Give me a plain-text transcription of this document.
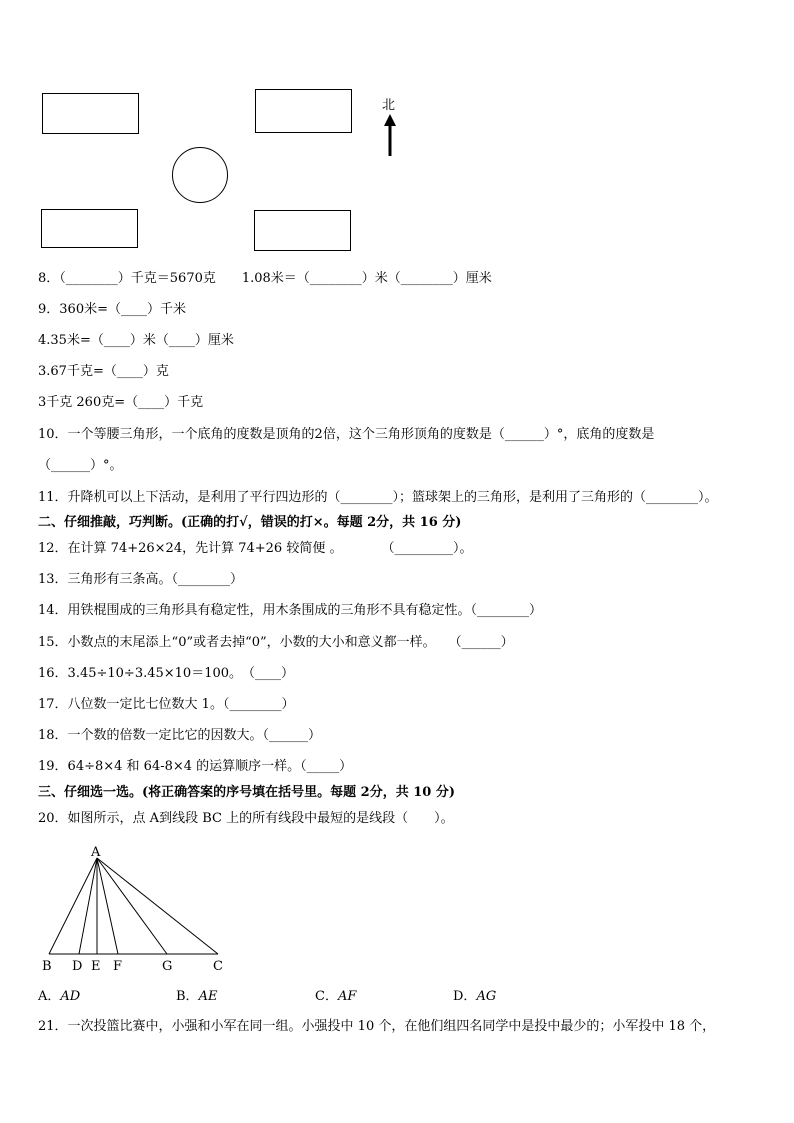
北
8．（________）千克＝5670克　　1.08米＝（________）米（________）厘米
9．360米=（____）千米
4.35米=（____）米（____）厘米
3.67千克=（____）克
3千克 260克=（____）千克
10．一个等腰三角形，一个底角的度数是顶角的2倍，这个三角形顶角的度数是（______）°，底角的度数是
（______）°。
11．升降机可以上下活动，是利用了平行四边形的（________）；篮球架上的三角形，是利用了三角形的（________）。
二、仔细推敲，巧判断。(正确的打√，错误的打×。每题 2分，共 16 分)
12．在计算 74+26×24，先计算 74+26 较简便 。　　　　（_________）。
13．三角形有三条高。（________）
14．用铁棍围成的三角形具有稳定性，用木条围成的三角形不具有稳定性。（________）
15．小数点的末尾添上“0”或者去掉“0”，小数的大小和意义都一样。　　（______）
16．3.45÷10÷3.45×10＝100。　（____）
17．八位数一定比七位数大 1。（________）
18．一个数的倍数一定比它的因数大。（______）
19．64÷8×4 和 64-8×4 的运算顺序一样。（_____）
三、仔细选一选。(将正确答案的序号填在括号里。每题 2分，共 10 分)
20．如图所示，点 A到线段 BC 上的所有线段中最短的是线段（　　）。
A
B D E F	G	C
A．AD	B．AE	C．AF	D．AG
21．一次投篮比赛中，小强和小军在同一组。小强投中 10 个，在他们组四名同学中是投中最少的；小军投中 18 个，
